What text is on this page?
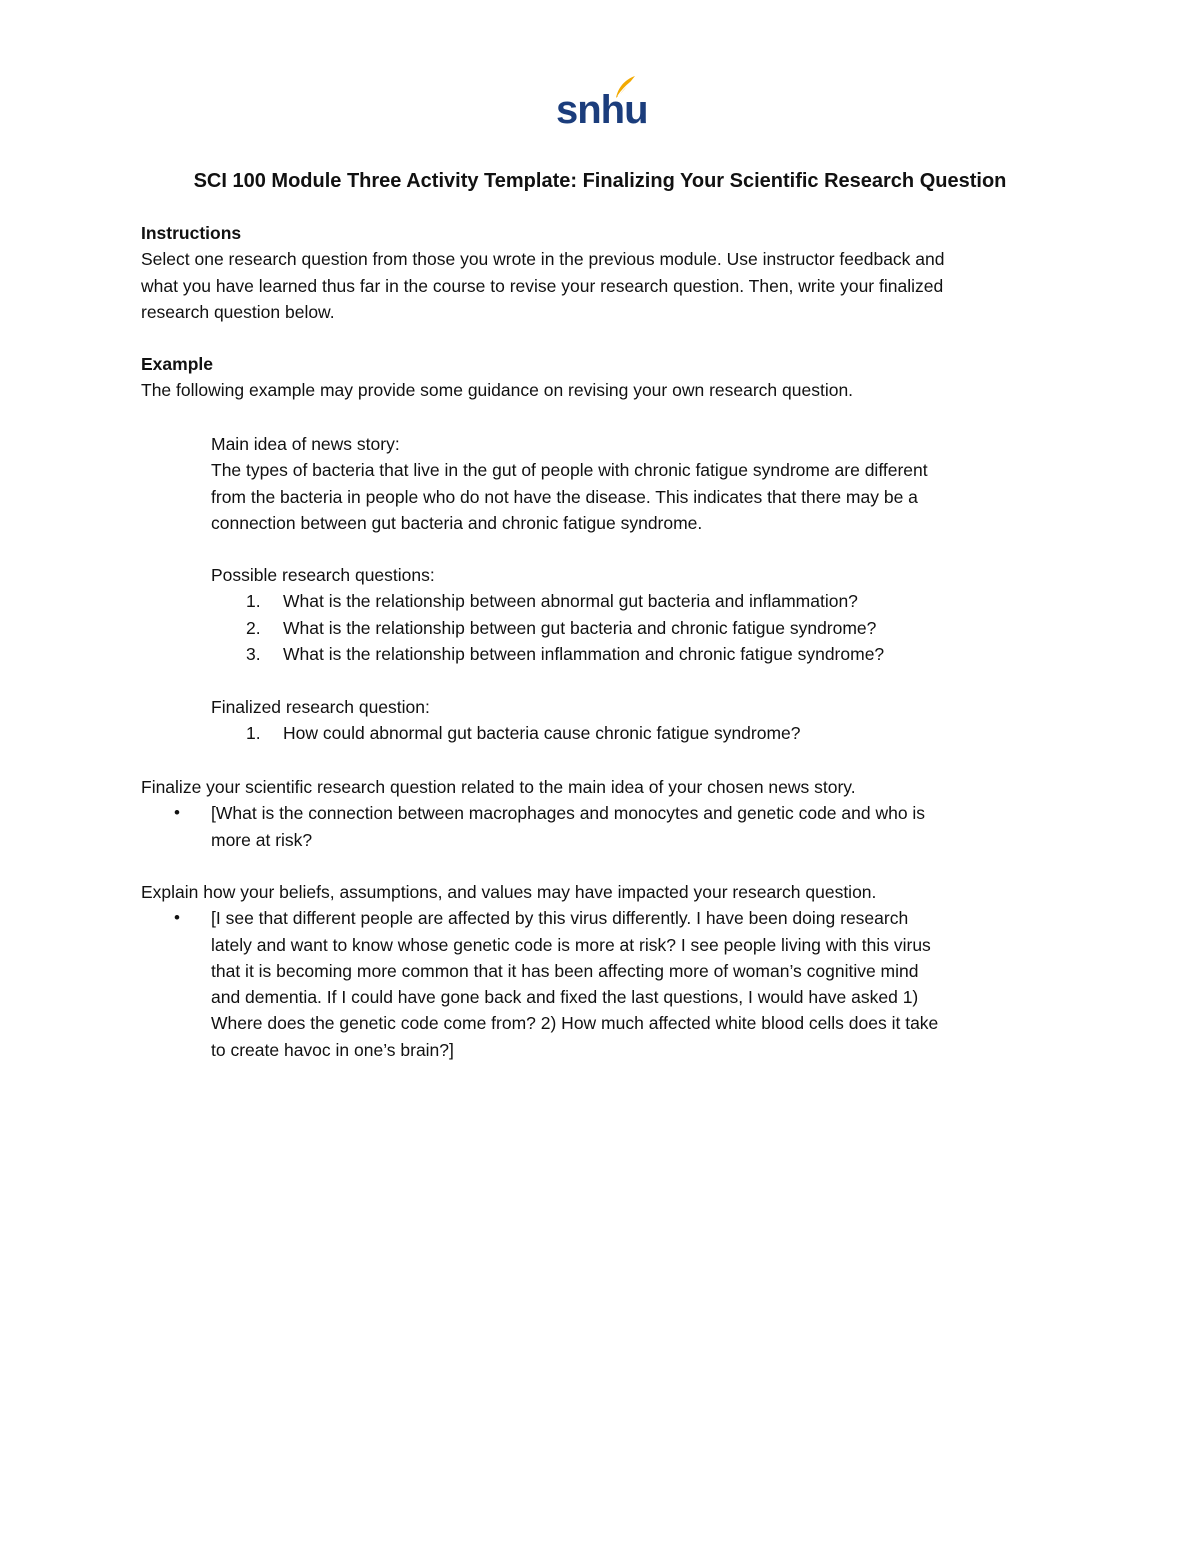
snhu
SCI 100 Module Three Activity Template: Finalizing Your Scientific Research Question

Instructions

Select one research question from those you wrote in the previous module. Use instructor feedback and

what you have learned thus far in the course to revise your research question. Then, write your finalized

research question below.

Example

The following example may provide some guidance on revising your own research question.

Main idea of news story:

The types of bacteria that live in the gut of people with chronic fatigue syndrome are different

from the bacteria in people who do not have the disease. This indicates that there may be a

connection between gut bacteria and chronic fatigue syndrome.

Possible research questions:

1. What is the relationship between abnormal gut bacteria and inflammation?
2. What is the relationship between gut bacteria and chronic fatigue syndrome?
3. What is the relationship between inflammation and chronic fatigue syndrome?

Finalized research question:

1. How could abnormal gut bacteria cause chronic fatigue syndrome?

Finalize your scientific research question related to the main idea of your chosen news story.

• [What is the connection between macrophages and monocytes and genetic code and who is
more at risk?

Explain how your beliefs, assumptions, and values may have impacted your research question.

• [I see that different people are affected by this virus differently. I have been doing research
lately and want to know whose genetic code is more at risk? I see people living with this virus
that it is becoming more common that it has been affecting more of woman’s cognitive mind
and dementia. If I could have gone back and fixed the last questions, I would have asked 1)
Where does the genetic code come from? 2) How much affected white blood cells does it take
to create havoc in one’s brain?]
